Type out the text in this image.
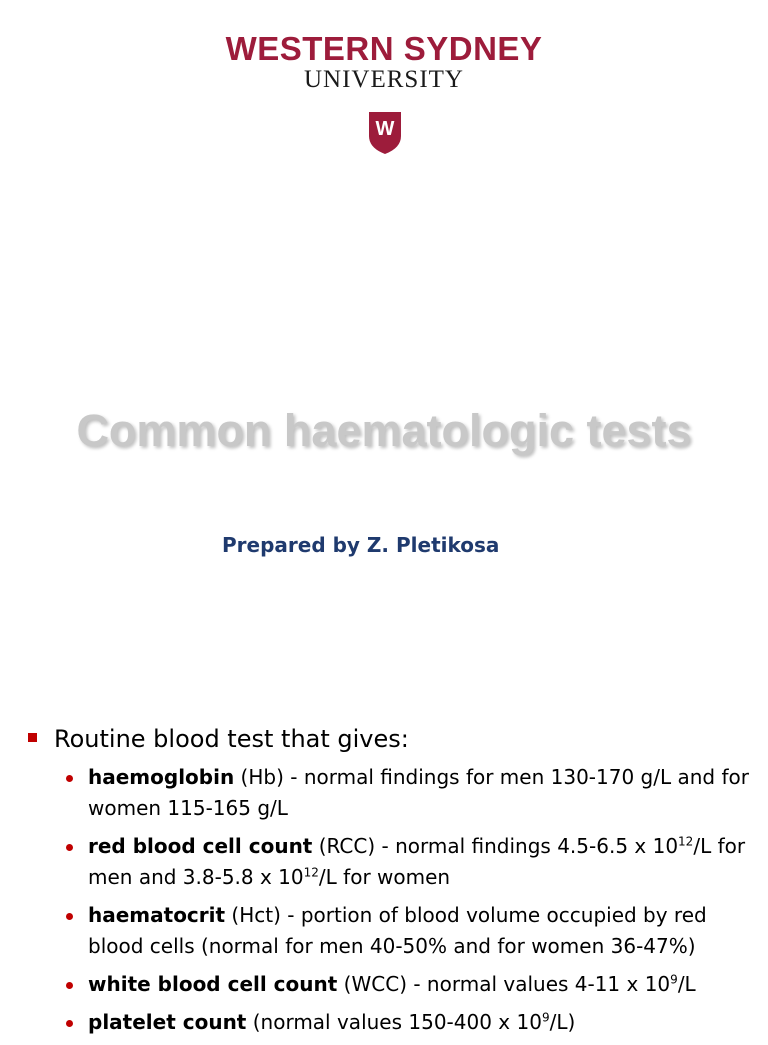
WESTERN SYDNEY
UNIVERSITY
W
Common haematologic tests
Prepared by Z. Pletikosa
Routine blood test that gives:
haemoglobin (Hb) - normal findings for men 130-170 g/L and for women 115-165 g/L
red blood cell count (RCC) - normal findings 4.5-6.5 x $10^{12}/L$ for men and 3.8-5.8 x $10^{12}/L$ for women
haematocrit (Hct) - portion of blood volume occupied by red blood cells (normal for men 40-50% and for women 36-47%)
white blood cell count (WCC) - normal values 4-11 x $10^9/L$
platelet count (normal values 150-400 x $10^9/L$)
